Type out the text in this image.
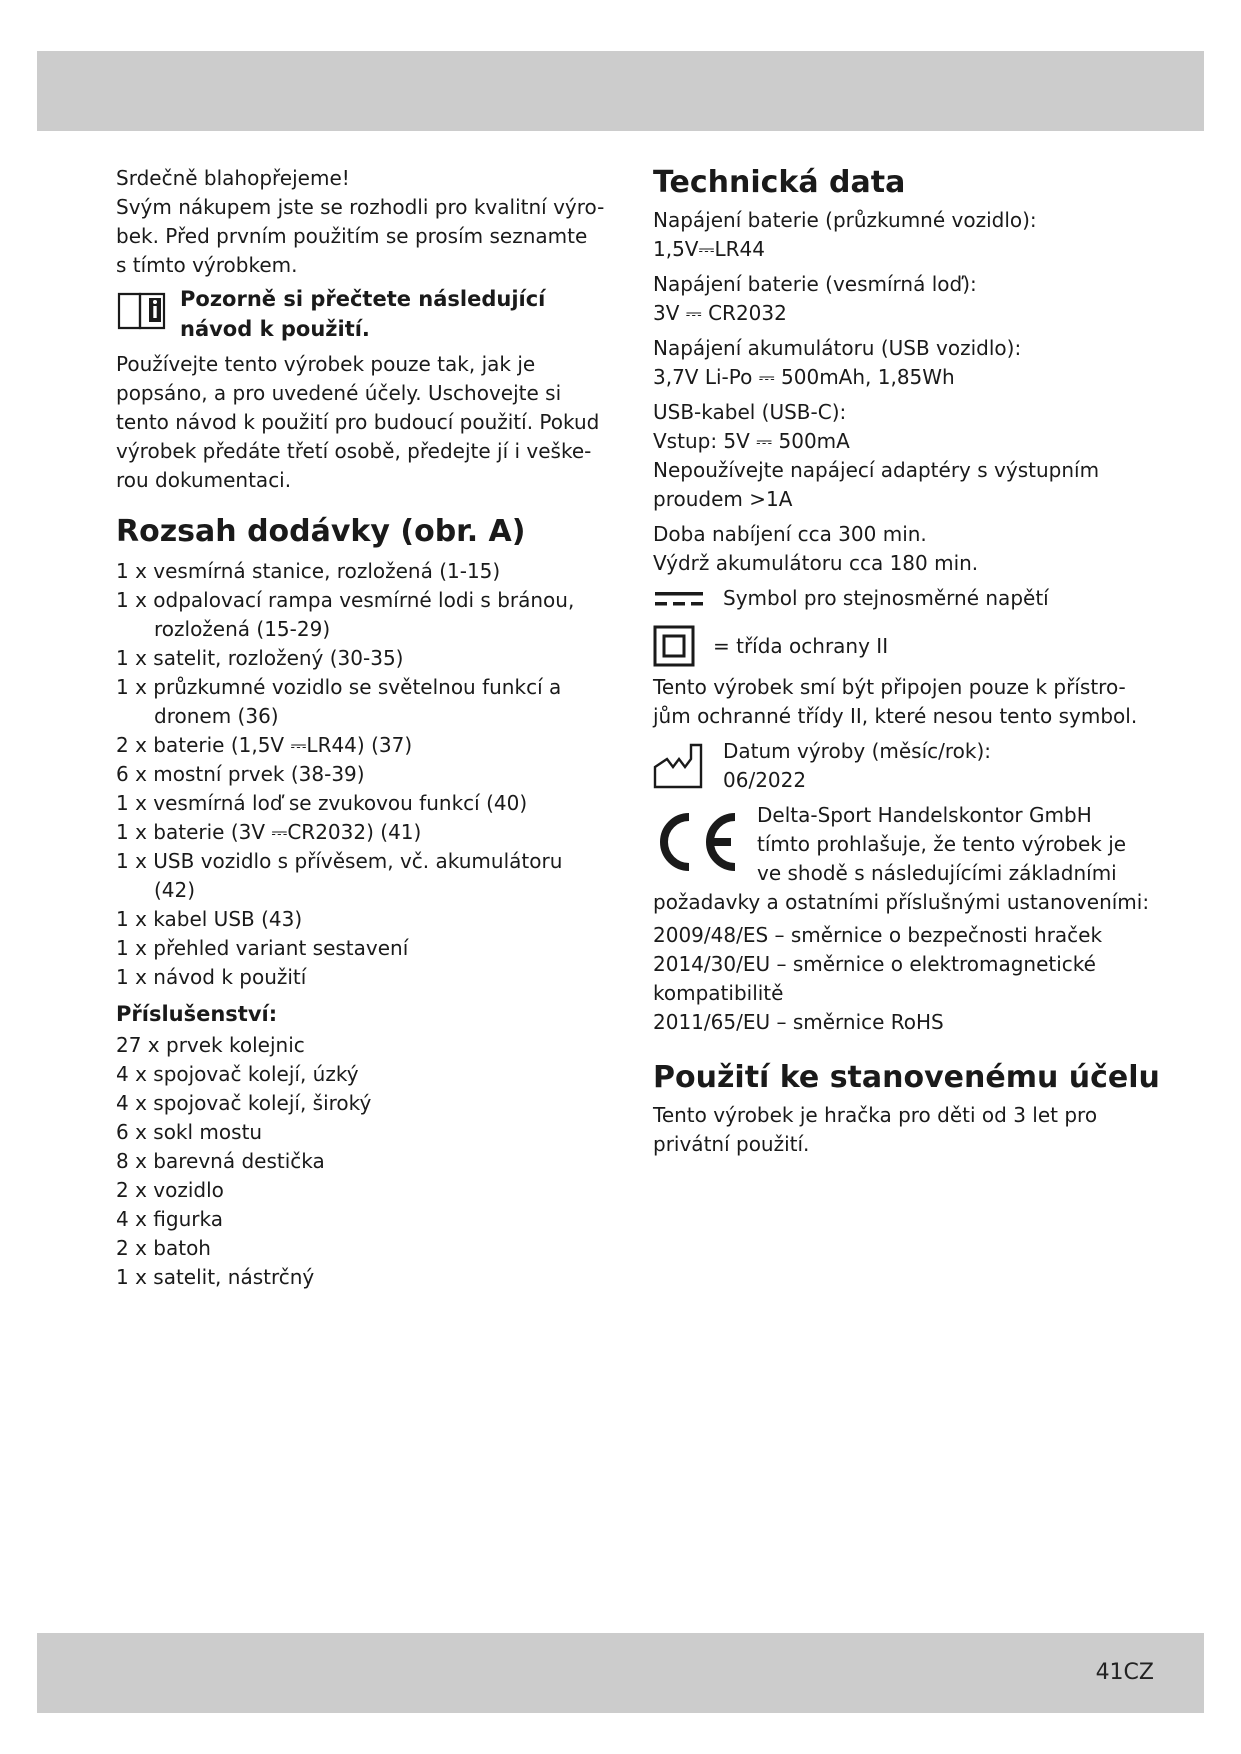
Srdečně blahopřejeme!
Svým nákupem jste se rozhodli pro kvalitní výro-
bek. Před prvním použitím se prosím seznamte
s tímto výrobkem.
Pozorně si přečtete následující
návod k použití.
Používejte tento výrobek pouze tak, jak je
popsáno, a pro uvedené účely. Uschovejte si
tento návod k použití pro budoucí použití. Pokud
výrobek předáte třetí osobě, předejte jí i veške-
rou dokumentaci.
Rozsah dodávky (obr. A)
1 x vesmírná stanice, rozložená (1-15)
1 x odpalovací rampa vesmírné lodi s bránou,
rozložená (15-29)
1 x satelit, rozložený (30-35)
1 x průzkumné vozidlo se světelnou funkcí a
dronem (36)
2 x baterie (1,5V ⎓LR44) (37)
6 x mostní prvek (38-39)
1 x vesmírná loď se zvukovou funkcí (40)
1 x baterie (3V ⎓CR2032) (41)
1 x USB vozidlo s přívěsem, vč. akumulátoru
(42)
1 x kabel USB (43)
1 x přehled variant sestavení
1 x návod k použití
Příslušenství:
27 x prvek kolejnic
4 x spojovač kolejí, úzký
4 x spojovač kolejí, široký
6 x sokl mostu
8 x barevná destička
2 x vozidlo
4 x figurka
2 x batoh
1 x satelit, nástrčný
Technická data
Napájení baterie (průzkumné vozidlo):
1,5V⎓LR44
Napájení baterie (vesmírná loď):
3V ⎓ CR2032
Napájení akumulátoru (USB vozidlo):
3,7V Li-Po ⎓ 500mAh, 1,85Wh
USB-kabel (USB-C):
Vstup: 5V ⎓ 500mA
Nepoužívejte napájecí adaptéry s výstupním
proudem >1A
Doba nabíjení cca 300 min.
Výdrž akumulátoru cca 180 min.
Symbol pro stejnosměrné napětí
= třída ochrany II
Tento výrobek smí být připojen pouze k přístro-
jům ochranné třídy II, které nesou tento symbol.
Datum výroby (měsíc/rok):
06/2022
Delta-Sport Handelskontor GmbH
tímto prohlašuje, že tento výrobek je
ve shodě s následujícími základními
požadavky a ostatními příslušnými ustanoveními:
2009/48/ES – směrnice o bezpečnosti hraček
2014/30/EU – směrnice o elektromagnetické
kompatibilitě
2011/65/EU – směrnice RoHS
Použití ke stanovenému účelu
Tento výrobek je hračka pro děti od 3 let pro
privátní použití.
41CZ
